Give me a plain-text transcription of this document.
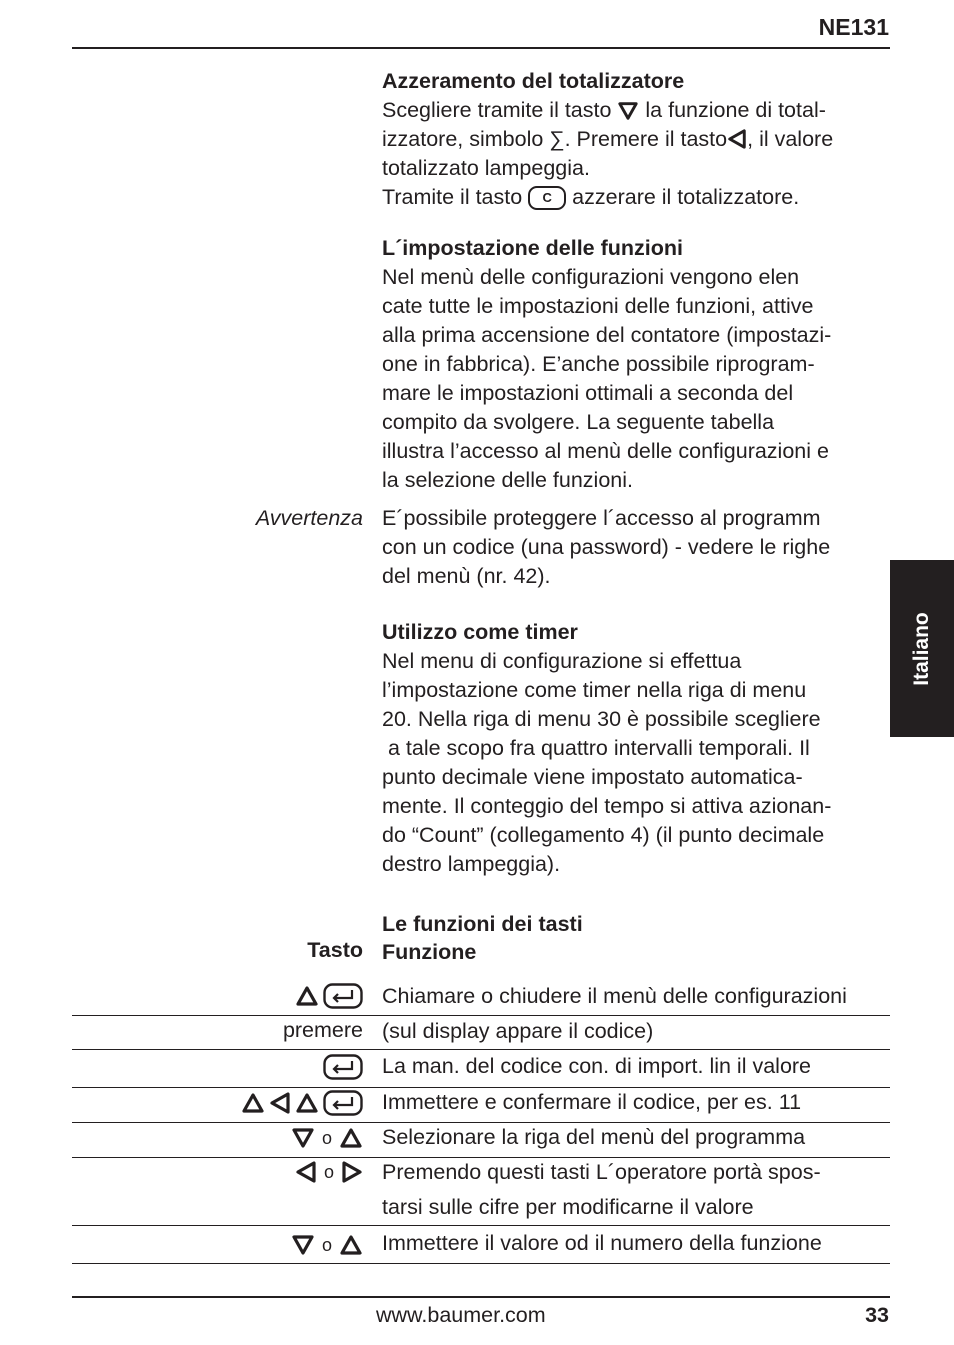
NE131
Italiano
Azzeramento del totalizzatore
Scegliere tramite il tasto la funzione di total-
izzatore, simbolo ∑. Premere il tasto , il valore
totalizzato lampeggia.
Tramite il tasto C azzerare il totalizzatore.
L´impostazione delle funzioni
Nel menù delle configurazioni vengono elen
cate tutte le impostazioni delle funzioni, attive
alla prima accensione del contatore (impostazi-
one in fabbrica). E’anche possibile riprogram-
mare le impostazioni ottimali a seconda del
compito da svolgere. La seguente tabella
illustra l’accesso al menù delle configurazioni e
la selezione delle funzioni.
Avvertenza E´possibile proteggere l´accesso al programm
con un codice (una password) - vedere le righe
del menù (nr. 42).
Utilizzo come timer
Nel menu di configurazione si effettua
l’impostazione come timer nella riga di menu
20. Nella riga di menu 30 è possibile scegliere
a tale scopo fra quattro intervalli temporali. Il
punto decimale viene impostato automatica-
mente. Il conteggio del tempo si attiva azionan-
do “Count” (collegamento 4) (il punto decimale
destro lampeggia).
Le funzioni dei tasti
Funzione
Tasto
Chiamare o chiudere il menù delle configurazioni
premere (sul display appare il codice)
La man. del codice con. di import. lin il valore
Immettere e confermare il codice, per es. 11
o Selezionare la riga del menù del programma
o Premendo questi tasti L´operatore portà spos-
tarsi sulle cifre per modificarne il valore
o Immettere il valore od il numero della funzione
www.baumer.com	33
